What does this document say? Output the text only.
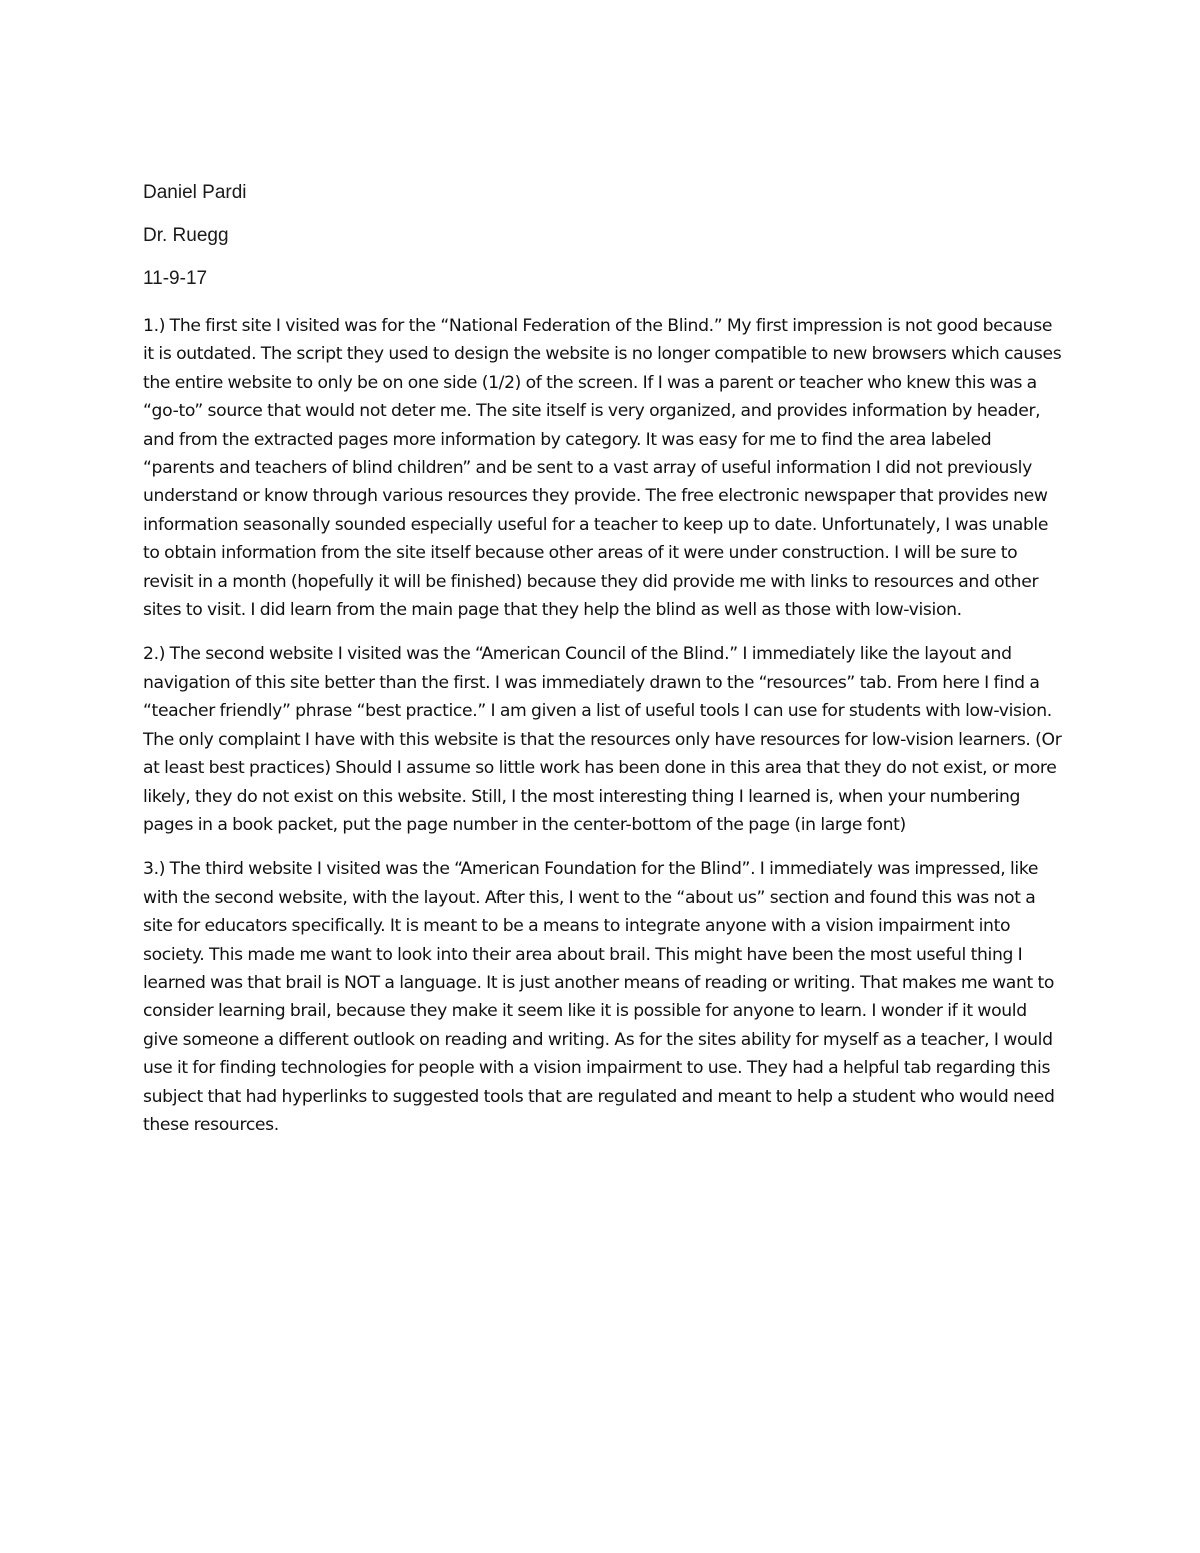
Daniel Pardi

Dr. Ruegg

11-9-17

1.) The first site I visited was for the “National Federation of the Blind.” My first impression is not good because it is outdated. The script they used to design the website is no longer compatible to new browsers which causes the entire website to only be on one side (1/2) of the screen. If I was a parent or teacher who knew this was a “go-to” source that would not deter me. The site itself is very organized, and provides information by header, and from the extracted pages more information by category. It was easy for me to find the area labeled “parents and teachers of blind children” and be sent to a vast array of useful information I did not previously understand or know through various resources they provide. The free electronic newspaper that provides new information seasonally sounded especially useful for a teacher to keep up to date. Unfortunately, I was unable to obtain information from the site itself because other areas of it were under construction. I will be sure to revisit in a month (hopefully it will be finished) because they did provide me with links to resources and other sites to visit. I did learn from the main page that they help the blind as well as those with low-vision.

2.) The second website I visited was the “American Council of the Blind.” I immediately like the layout and navigation of this site better than the first. I was immediately drawn to the “resources” tab. From here I find a “teacher friendly” phrase “best practice.” I am given a list of useful tools I can use for students with low-vision. The only complaint I have with this website is that the resources only have resources for low-vision learners. (Or at least best practices) Should I assume so little work has been done in this area that they do not exist, or more likely, they do not exist on this website. Still, I the most interesting thing I learned is, when your numbering pages in a book packet, put the page number in the center-bottom of the page (in large font)

3.) The third website I visited was the “American Foundation for the Blind”. I immediately was impressed, like with the second website, with the layout. After this, I went to the “about us” section and found this was not a site for educators specifically. It is meant to be a means to integrate anyone with a vision impairment into society. This made me want to look into their area about brail. This might have been the most useful thing I learned was that brail is NOT a language. It is just another means of reading or writing. That makes me want to consider learning brail, because they make it seem like it is possible for anyone to learn. I wonder if it would give someone a different outlook on reading and writing. As for the sites ability for myself as a teacher, I would use it for finding technologies for people with a vision impairment to use. They had a helpful tab regarding this subject that had hyperlinks to suggested tools that are regulated and meant to help a student who would need these resources.
